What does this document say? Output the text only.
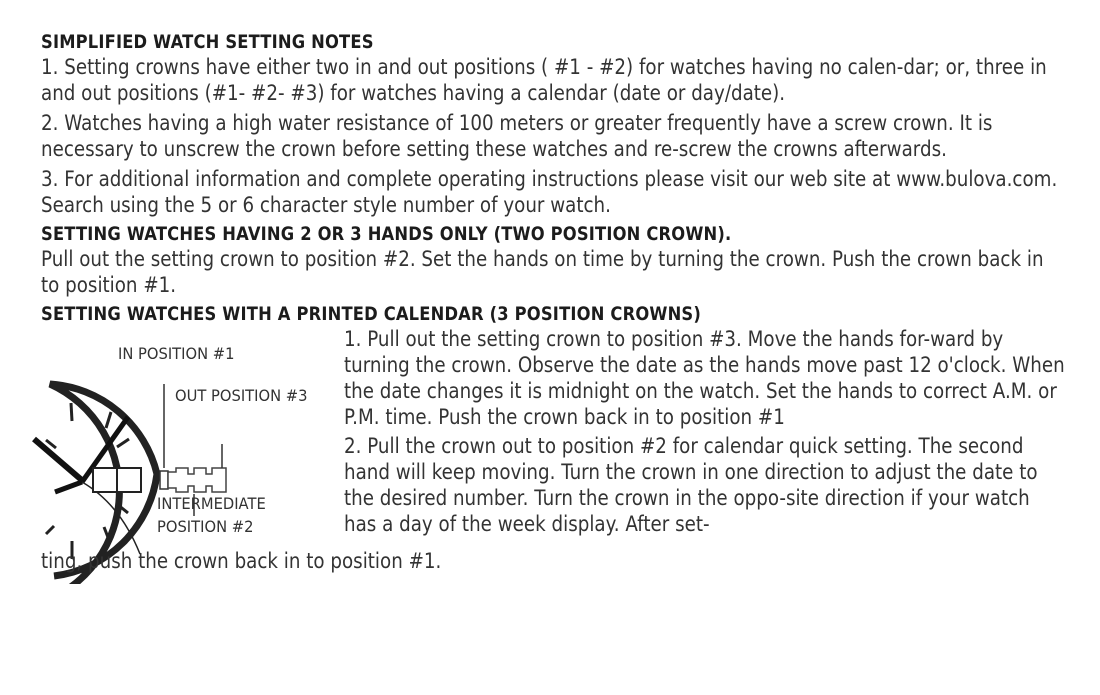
SIMPLIFIED WATCH SETTING NOTES

1. Setting crowns have either two in and out positions ( #1 - #2) for watches having no calen-dar; or, three in and out positions (#1- #2- #3) for watches having a calendar (date or day/date).

2. Watches having a high water resistance of 100 meters or greater frequently have a screw crown. It is necessary to unscrew the crown before setting these watches and re-screw the crowns afterwards.

3. For additional information and complete operating instructions please visit our web site at www.bulova.com. Search using the 5 or 6 character style number of your watch.

SETTING WATCHES HAVING 2 OR 3 HANDS ONLY (TWO POSITION CROWN).

Pull out the setting crown to position #2. Set the hands on time by turning the crown. Push the crown back in to position #1.

SETTING WATCHES WITH A PRINTED CALENDAR (3 POSITION CROWNS)

IN POSITION #1
OUT POSITION #3
INTERMEDIATE
POSITION #2

1. Pull out the setting crown to position #3. Move the hands for-ward by turning the crown. Observe the date as the hands move past 12 o'clock. When the date changes it is midnight on the watch. Set the hands to correct A.M. or P.M. time. Push the crown back in to position #1

2. Pull the crown out to position #2 for calendar quick setting. The second hand will keep moving. Turn the crown in one direction to adjust the date to the desired number. Turn the crown in the oppo-site direction if your watch has a day of the week display. After set-

ting, push the crown back in to position #1.
